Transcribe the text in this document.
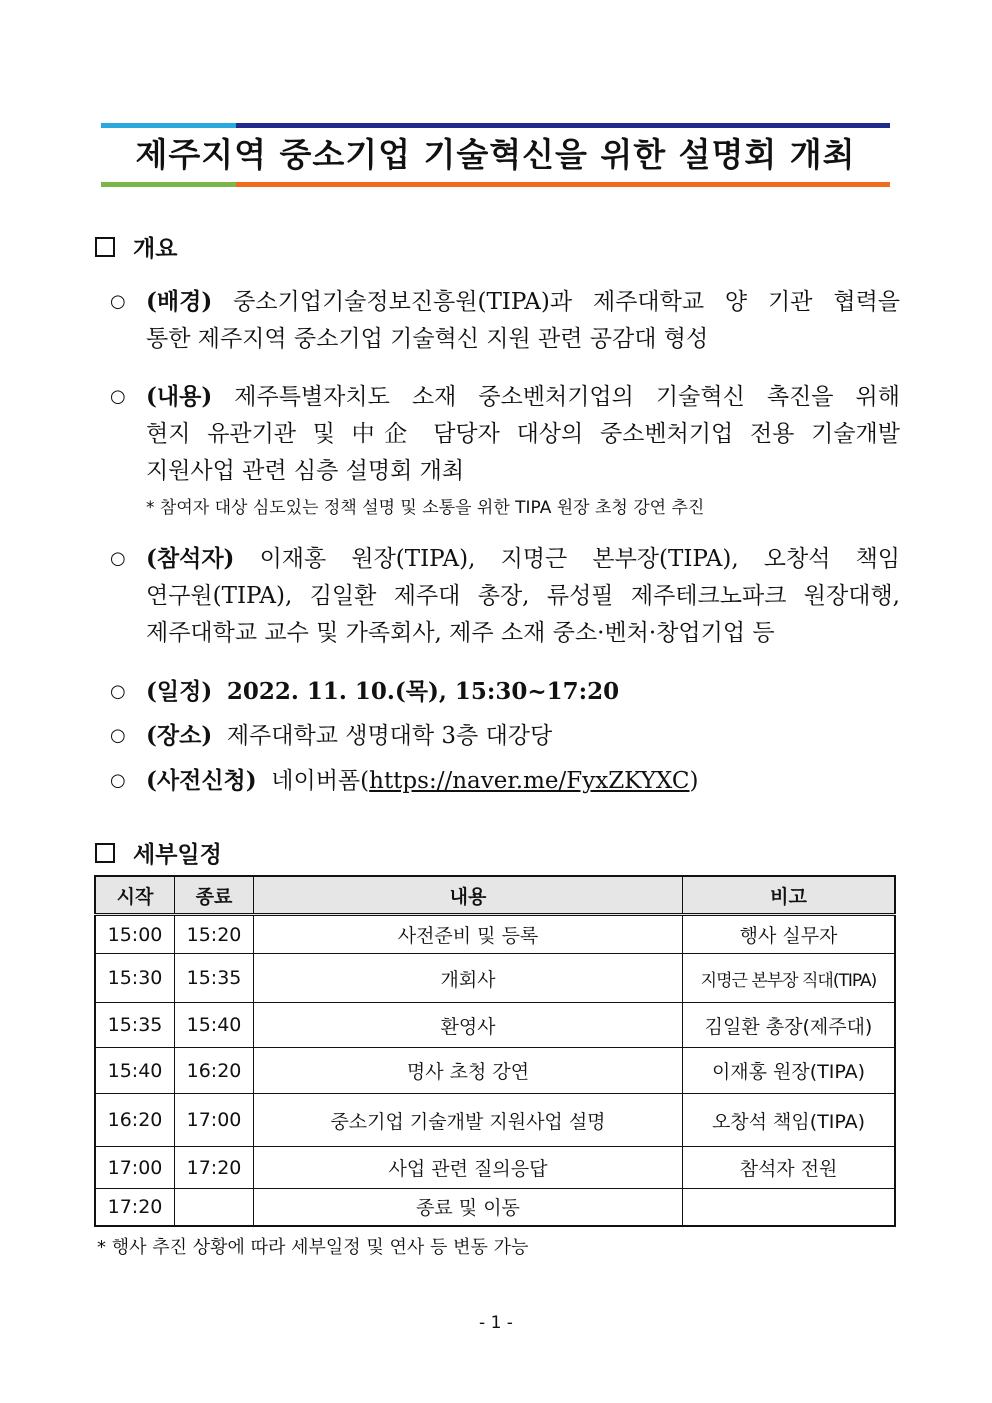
제주지역 중소기업 기술혁신을 위한 설명회 개최
개요
○ (배경) 중소기업기술정보진흥원(TIPA)과 제주대학교 양 기관 협력을
통한 제주지역 중소기업 기술혁신 지원 관련 공감대 형성
○ (내용) 제주특별자치도 소재 중소벤처기업의 기술혁신 촉진을 위해
현지 유관기관 및 中企 담당자 대상의 중소벤처기업 전용 기술개발
지원사업 관련 심층 설명회 개최
* 참여자 대상 심도있는 정책 설명 및 소통을 위한 TIPA 원장 초청 강연 추진
○ (참석자) 이재홍 원장(TIPA), 지명근 본부장(TIPA), 오창석 책임
연구원(TIPA), 김일환 제주대 총장, 류성필 제주테크노파크 원장대행,
제주대학교 교수 및 가족회사, 제주 소재 중소·벤처·창업기업 등
○ (일정) 2022. 11. 10.(목), 15:30~17:20
○ (장소) 제주대학교 생명대학 3층 대강당
○ (사전신청) 네이버폼(https://naver.me/FyxZKYXC)
세부일정
시작	종료	내용	비고
15:00	15:20	사전준비 및 등록	행사 실무자
15:30	15:35	개회사	지명근 본부장 직대(TIPA)
15:35	15:40	환영사	김일환 총장(제주대)
15:40	16:20	명사 초청 강연	이재홍 원장(TIPA)
16:20	17:00	중소기업 기술개발 지원사업 설명	오창석 책임(TIPA)
17:00	17:20	사업 관련 질의응답	참석자 전원
17:20		종료 및 이동	
* 행사 추진 상황에 따라 세부일정 및 연사 등 변동 가능
- 1 -
